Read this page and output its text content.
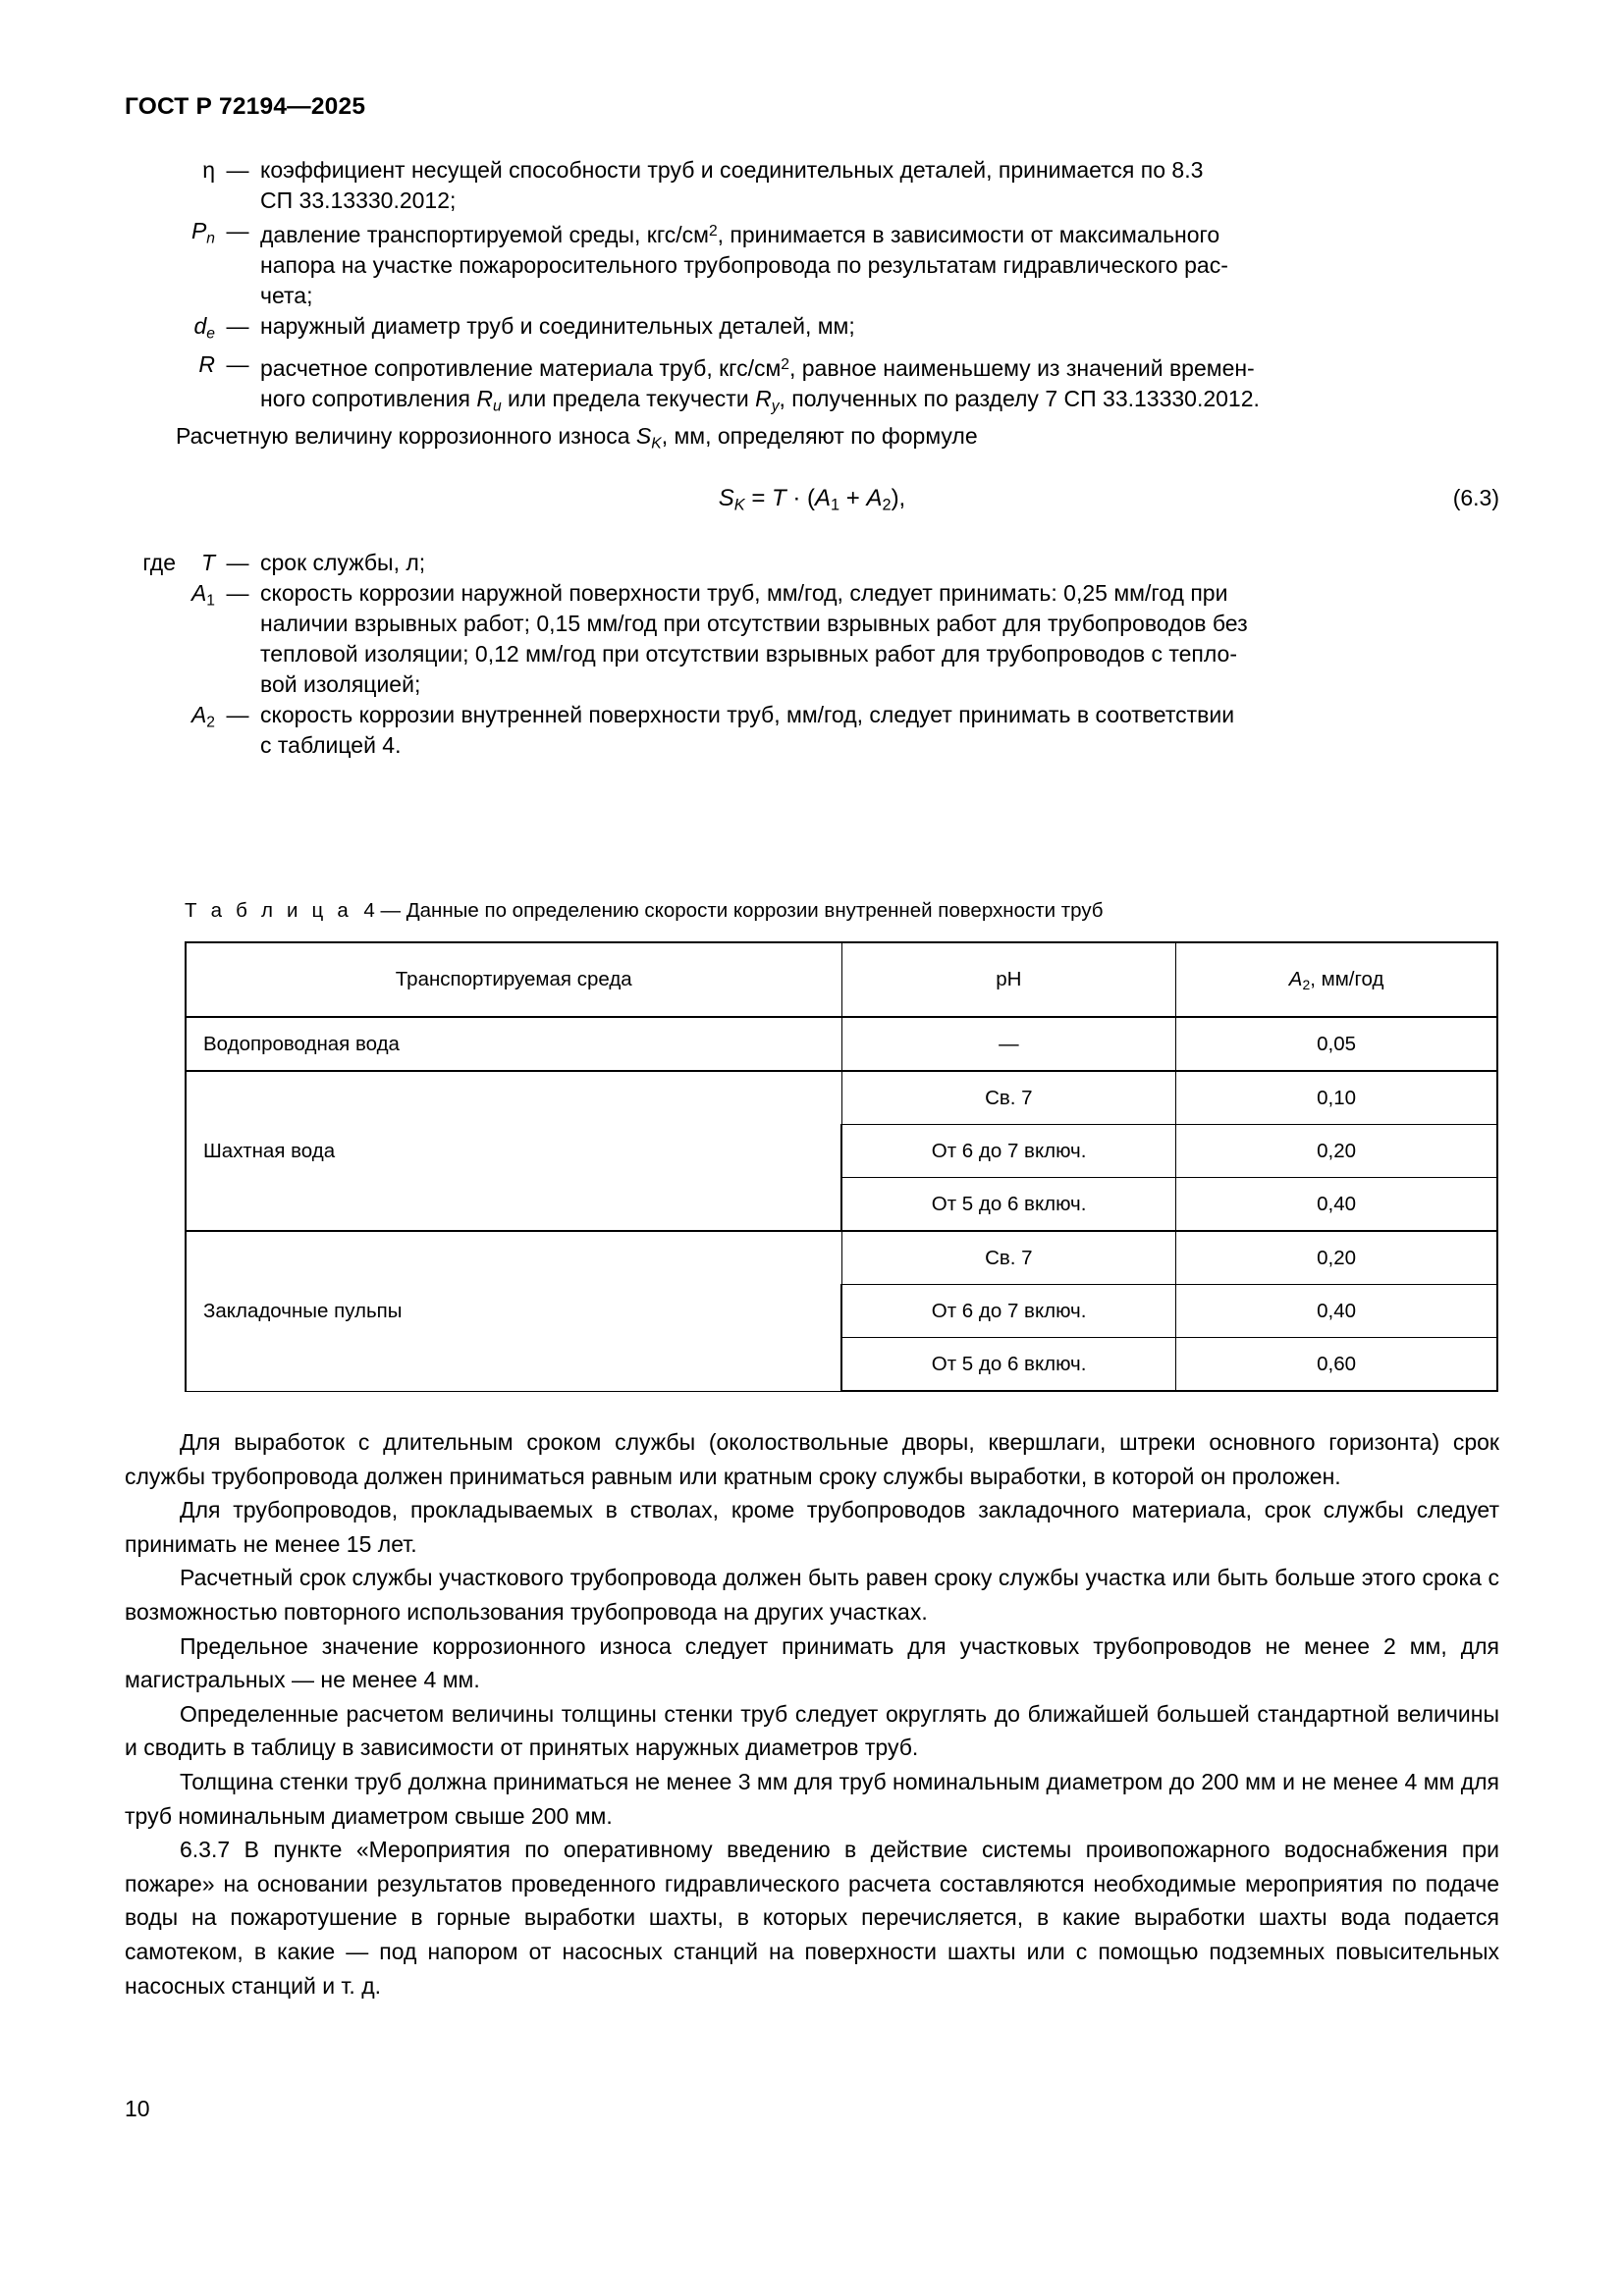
ГОСТ Р 72194—2025
	η	—	коэффициент несущей способности труб и соединительных деталей, принимается по 8.3
СП 33.13330.2012;
	$P_n$	—	давление транспортируемой среды, кгс/$см^2$, принимается в зависимости от максимального
напора на участке пожароросительного трубопровода по результатам гидравлического рас-
чета;
	$d_e$	—	наружный диаметр труб и соединительных деталей, мм;
	R	—	расчетное сопротивление материала труб, кгс/$см^2$, равное наименьшему из значений времен-
ного сопротивления $R_u$ или предела текучести $R_y$, полученных по разделу 7 СП 33.13330.2012.
Расчетную величину коррозионного износа $S_K$, мм, определяют по формуле
$S_K = T \cdot (A1 + A2)$,	(6.3)
где	T	—	срок службы, л;
	A1	—	скорость коррозии наружной поверхности труб, мм/год, следует принимать: 0,25 мм/год при
наличии взрывных работ; 0,15 мм/год при отсутствии взрывных работ для трубопроводов без
тепловой изоляции; 0,12 мм/год при отсутствии взрывных работ для трубопроводов с тепло-
вой изоляцией;
	A2	—	скорость коррозии внутренней поверхности труб, мм/год, следует принимать в соответствии
с таблицей 4.
Т а б л и ц а 4 — Данные по определению скорости коррозии внутренней поверхности труб
Транспортируемая среда	pH	A2, мм/год
Водопроводная вода	—	0,05
Шахтная вода	Св. 7	0,10
	От 6 до 7 включ.	0,20
	От 5 до 6 включ.	0,40
Закладочные пульпы	Св. 7	0,20
	От 6 до 7 включ.	0,40
	От 5 до 6 включ.	0,60

Для выработок с длительным сроком службы (околоствольные дворы, квершлаги, штреки основного горизонта) срок службы трубопровода должен приниматься равным или кратным сроку службы выработки, в которой он проложен.

Для трубопроводов, прокладываемых в стволах, кроме трубопроводов закладочного материала, срок службы следует принимать не менее 15 лет.

Расчетный срок службы участкового трубопровода должен быть равен сроку службы участка или быть больше этого срока с возможностью повторного использования трубопровода на других участках.

Предельное значение коррозионного износа следует принимать для участковых трубопроводов не менее 2 мм, для магистральных — не менее 4 мм.

Определенные расчетом величины толщины стенки труб следует округлять до ближайшей большей стандартной величины и сводить в таблицу в зависимости от принятых наружных диаметров труб.

Толщина стенки труб должна приниматься не менее 3 мм для труб номинальным диаметром до 200 мм и не менее 4 мм для труб номинальным диаметром свыше 200 мм.

6.3.7 В пункте «Мероприятия по оперативному введению в действие системы проивопожарного водоснабжения при пожаре» на основании результатов проведенного гидравлического расчета составляются необходимые мероприятия по подаче воды на пожаротушение в горные выработки шахты, в которых перечисляется, в какие выработки шахты вода подается самотеком, в какие — под напором от насосных станций на поверхности шахты или с помощью подземных повысительных насосных станций и т. д.

10
